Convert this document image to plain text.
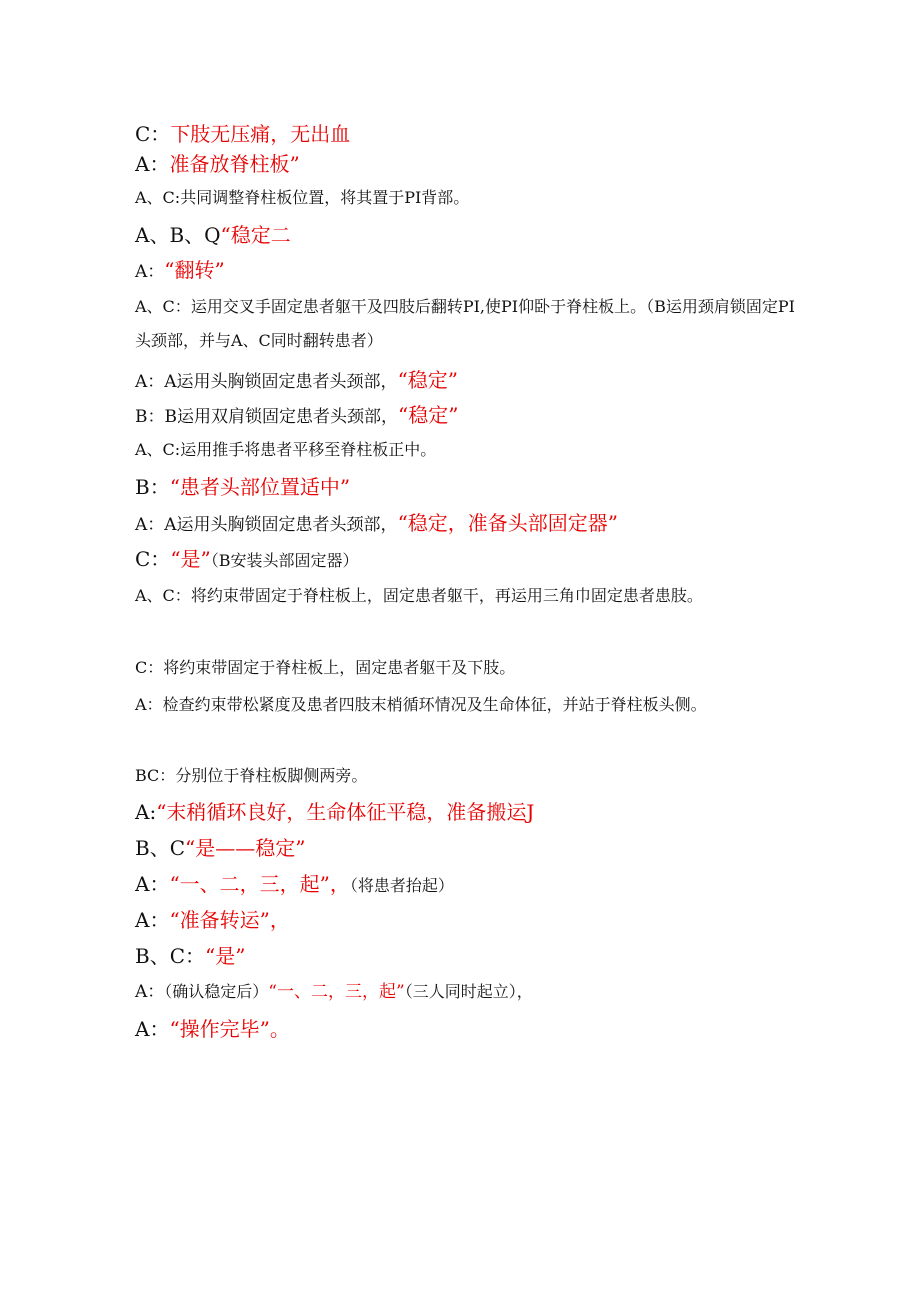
C：下肢无压痛，无出血
A：准备放脊柱板”
A、C:共同调整脊柱板位置，将其置于PI背部。
A、B、Q“稳定二
A：“翻转”
A、C：运用交叉手固定患者躯干及四肢后翻转PI,使PI仰卧于脊柱板上。（B运用颈肩锁固定PI头颈部，并与A、C同时翻转患者）
A：A运用头胸锁固定患者头颈部，“稳定”
B：B运用双肩锁固定患者头颈部，“稳定”
A、C:运用推手将患者平移至脊柱板正中。
B：“患者头部位置适中”
A：A运用头胸锁固定患者头颈部，“稳定，准备头部固定器”
C：“是”（B安装头部固定器）
A、C：将约束带固定于脊柱板上，固定患者躯干，再运用三角巾固定患者患肢。
C：将约束带固定于脊柱板上，固定患者躯干及下肢。
A：检查约束带松紧度及患者四肢末梢循环情况及生命体征，并站于脊柱板头侧。
BC：分别位于脊柱板脚侧两旁。
A:“末稍循环良好，生命体征平稳，准备搬运J
B、C“是——稳定”
A：“一、二，三，起”，（将患者抬起）
A：“准备转运”，
B、C：“是”
A：（确认稳定后）“一、二，三，起”（三人同时起立），
A：“操作完毕”。
